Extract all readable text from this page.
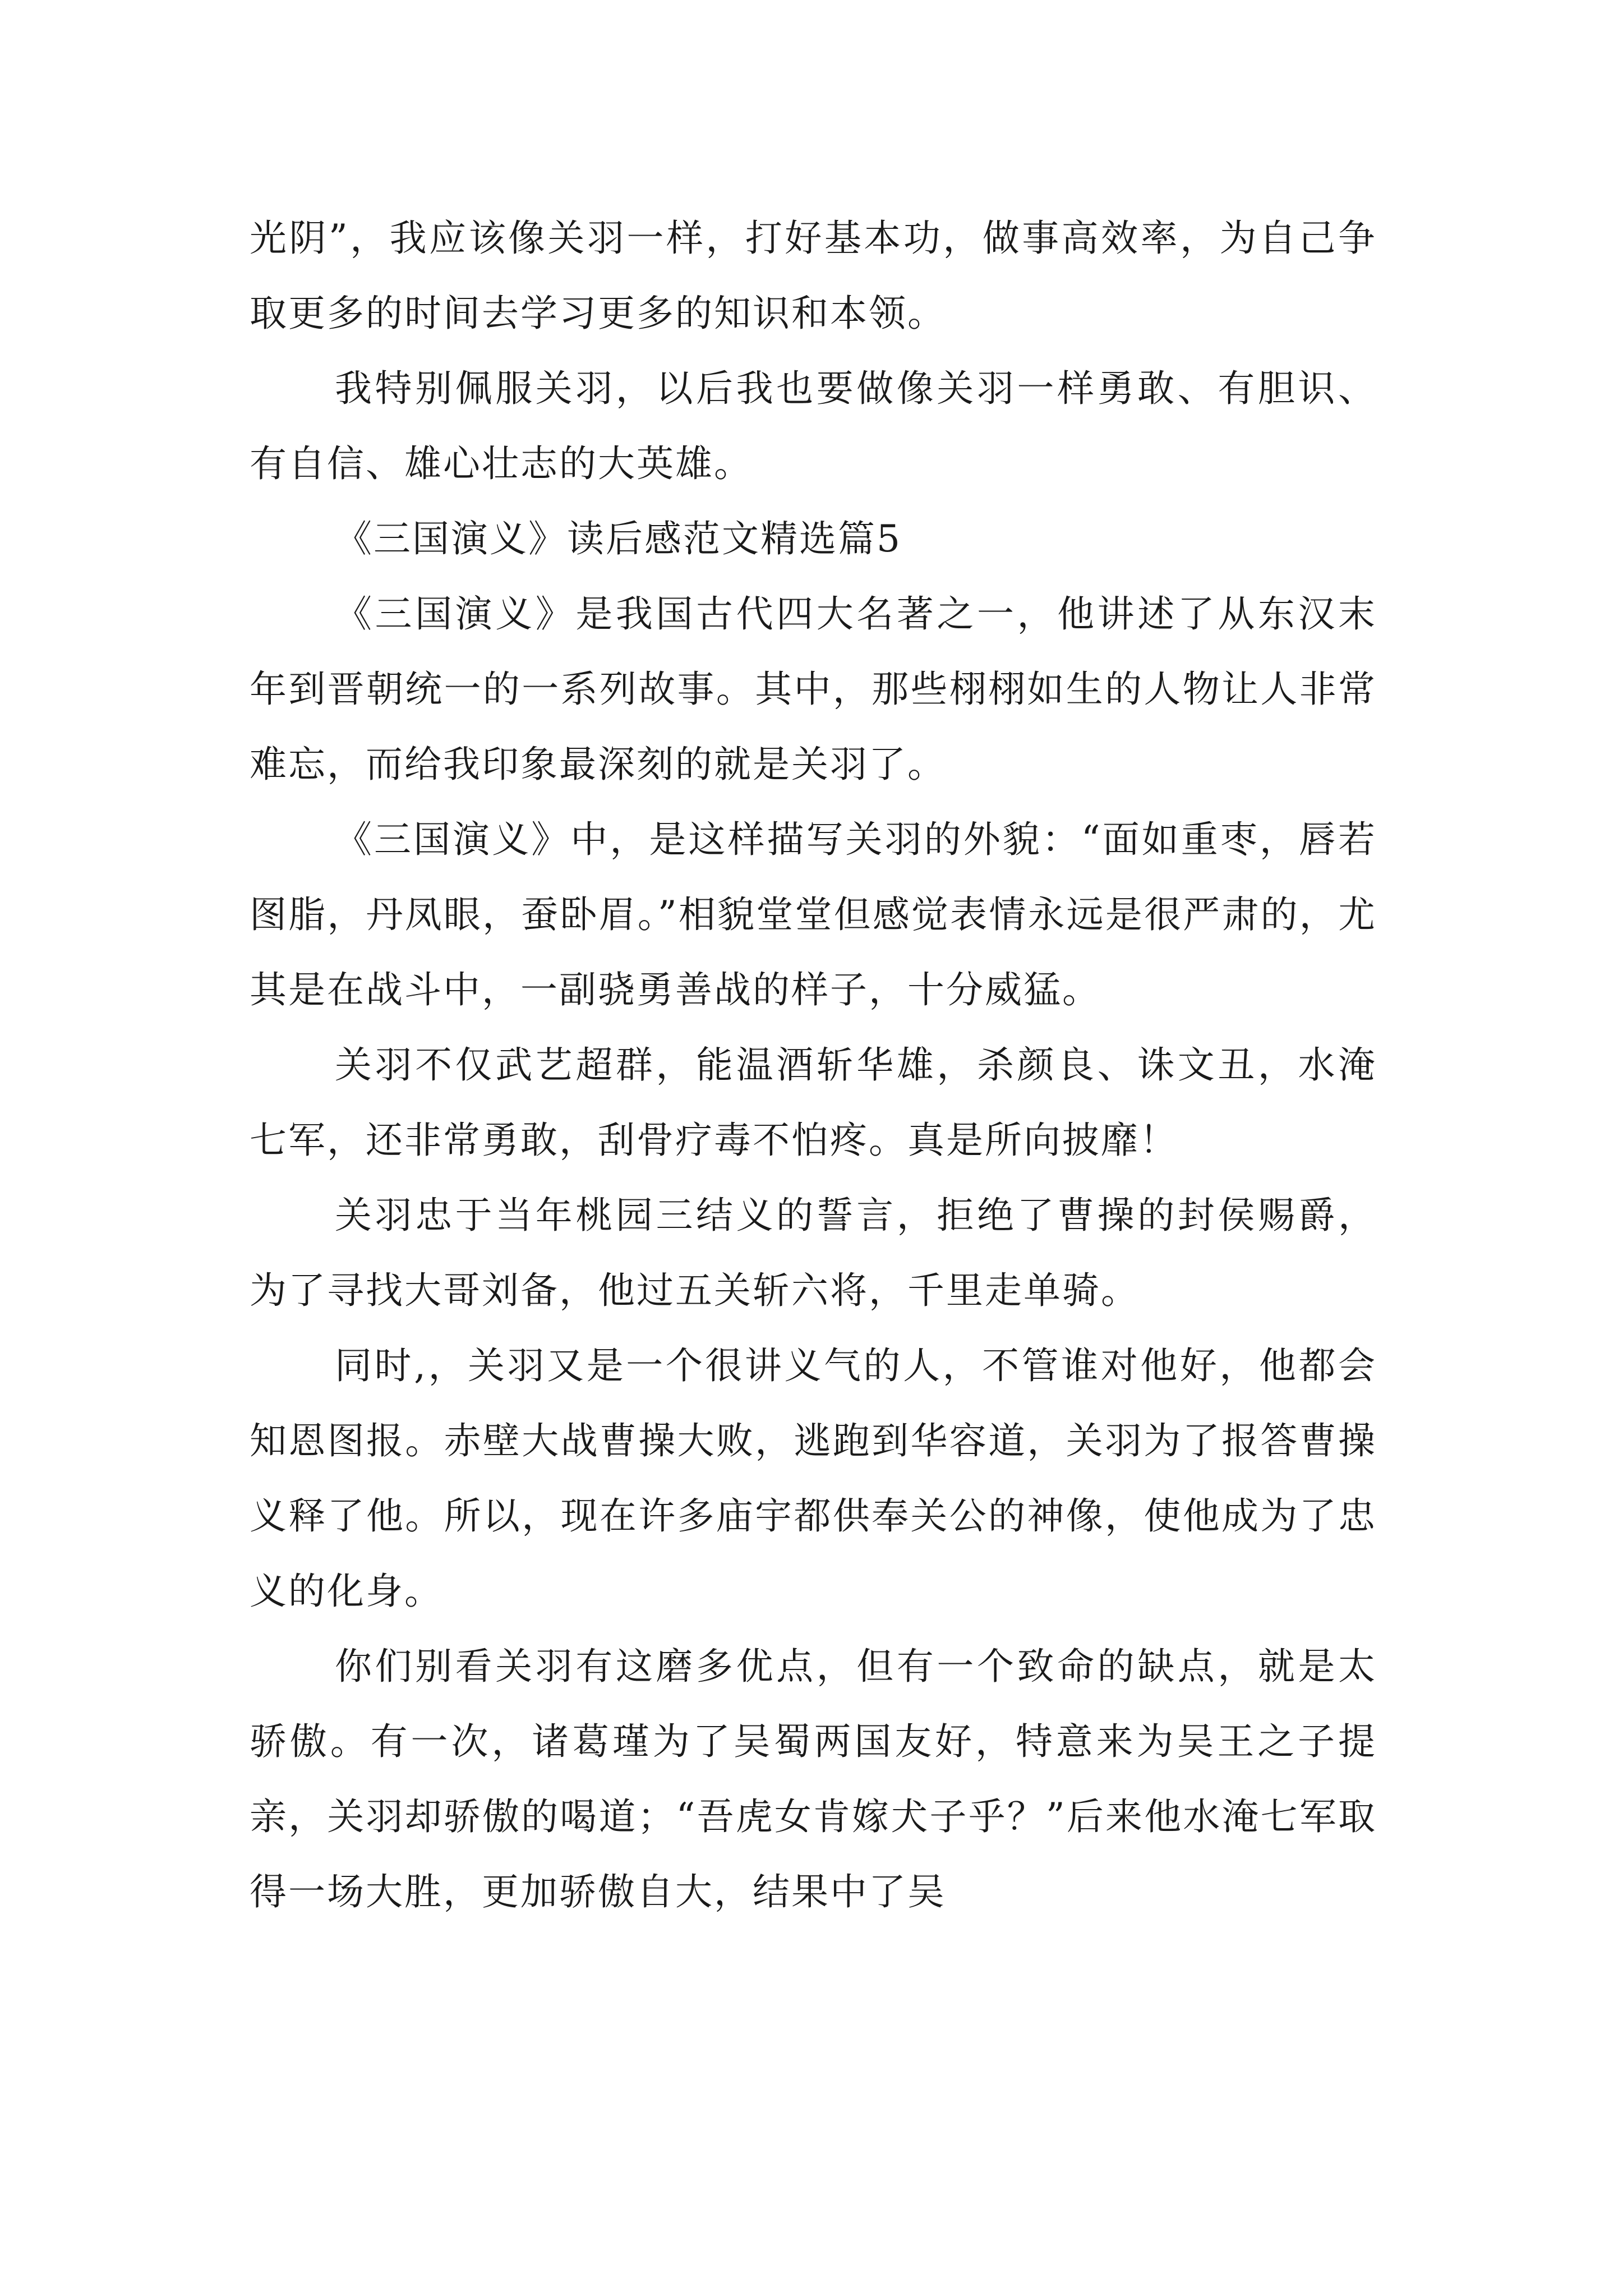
光阴”，我应该像关羽一样，打好基本功，做事高效率，为自己争取更多的时间去学习更多的知识和本领。

我特别佩服关羽，以后我也要做像关羽一样勇敢、有胆识、有自信、雄心壮志的大英雄。

《三国演义》读后感范文精选篇5

《三国演义》是我国古代四大名著之一，他讲述了从东汉末年到晋朝统一的一系列故事。其中，那些栩栩如生的人物让人非常难忘，而给我印象最深刻的就是关羽了。

《三国演义》中，是这样描写关羽的外貌：“面如重枣，唇若图脂，丹凤眼，蚕卧眉。”相貌堂堂但感觉表情永远是很严肃的，尤其是在战斗中，一副骁勇善战的样子，十分威猛。

关羽不仅武艺超群，能温酒斩华雄，杀颜良、诛文丑，水淹七军，还非常勇敢，刮骨疗毒不怕疼。真是所向披靡！

关羽忠于当年桃园三结义的誓言，拒绝了曹操的封侯赐爵，为了寻找大哥刘备，他过五关斩六将，千里走单骑。

同时,，关羽又是一个很讲义气的人，不管谁对他好，他都会知恩图报。赤壁大战曹操大败，逃跑到华容道，关羽为了报答曹操义释了他。所以，现在许多庙宇都供奉关公的神像，使他成为了忠义的化身。

你们别看关羽有这磨多优点，但有一个致命的缺点，就是太骄傲。有一次，诸葛瑾为了吴蜀两国友好，特意来为吴王之子提亲，关羽却骄傲的喝道；“吾虎女肯嫁犬子乎？”后来他水淹七军取得一场大胜，更加骄傲自大，结果中了吴
